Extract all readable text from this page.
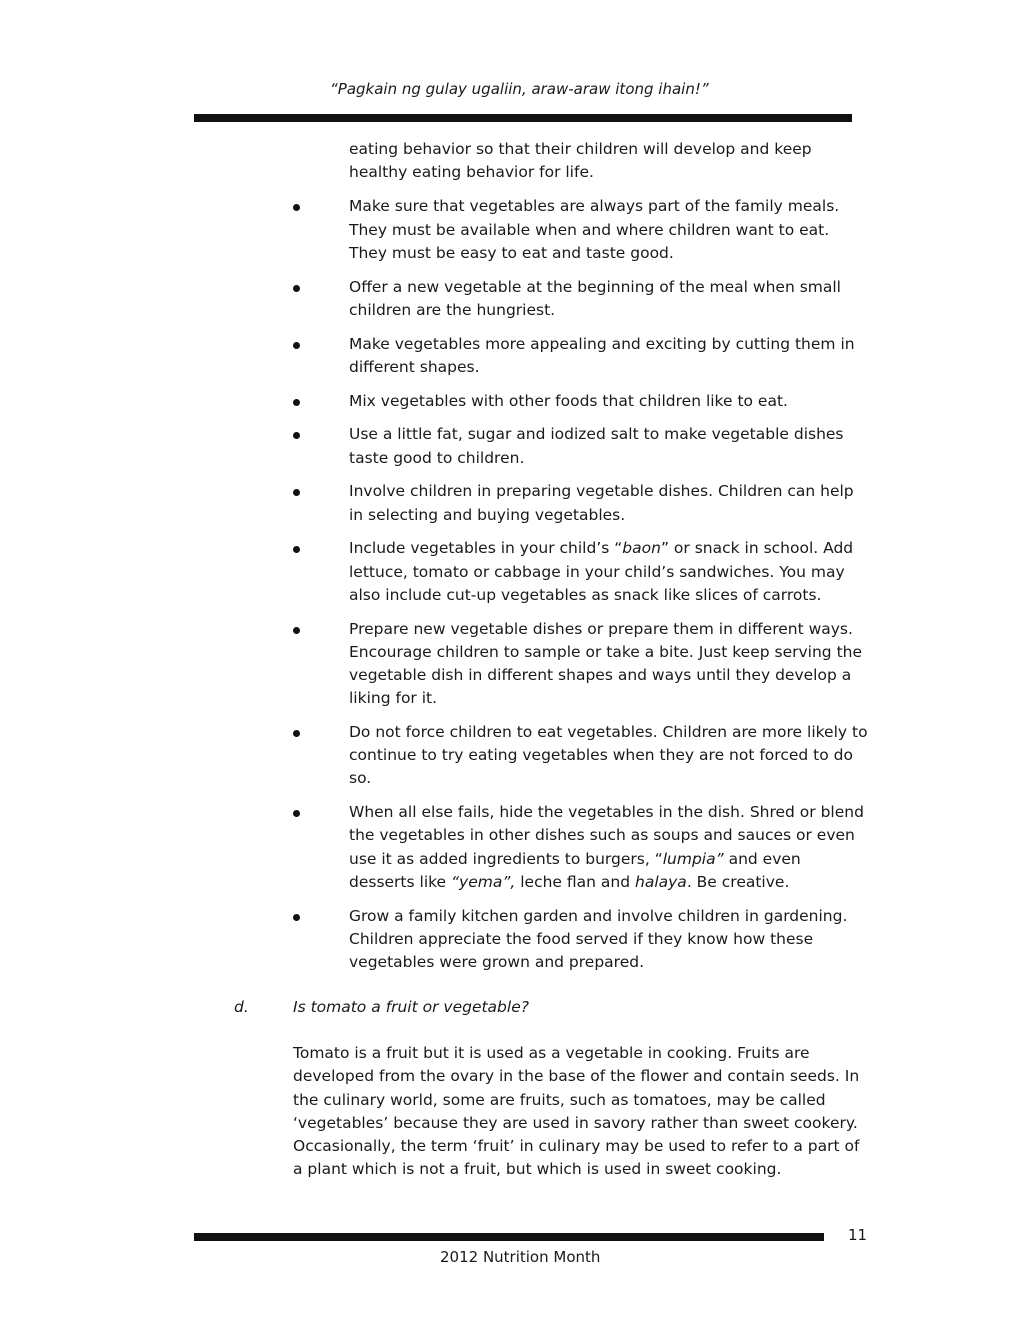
“Pagkain ng gulay ugaliin, araw-araw itong ihain!”

eating behavior so that their children will develop and keep healthy eating behavior for life.

Make sure that vegetables are always part of the family meals. They must be available when and where children want to eat. They must be easy to eat and taste good.
Offer a new vegetable at the beginning of the meal when small children are the hungriest.
Make vegetables more appealing and exciting by cutting them in different shapes.
Mix vegetables with other foods that children like to eat.
Use a little fat, sugar and iodized salt to make vegetable dishes taste good to children.
Involve children in preparing vegetable dishes. Children can help in selecting and buying vegetables.
Include vegetables in your child’s “baon” or snack in school. Add lettuce, tomato or cabbage in your child’s sandwiches. You may also include cut-up vegetables as snack like slices of carrots.
Prepare new vegetable dishes or prepare them in different ways. Encourage children to sample or take a bite. Just keep serving the vegetable dish in different shapes and ways until they develop a liking for it.
Do not force children to eat vegetables. Children are more likely to continue to try eating vegetables when they are not forced to do so.
When all else fails, hide the vegetables in the dish. Shred or blend the vegetables in other dishes such as soups and sauces or even use it as added ingredients to burgers, “lumpia” and even desserts like “yema”, leche flan and halaya. Be creative.
Grow a family kitchen garden and involve children in gardening. Children appreciate the food served if they know how these vegetables were grown and prepared.
d.	Is tomato a fruit or vegetable?

Tomato is a fruit but it is used as a vegetable in cooking. Fruits are developed from the ovary in the base of the flower and contain seeds. In the culinary world, some are fruits, such as tomatoes, may be called ‘vegetables’ because they are used in savory rather than sweet cookery. Occasionally, the term ‘fruit’ in culinary may be used to refer to a part of a plant which is not a fruit, but which is used in sweet cooking.

11
2012 Nutrition Month
